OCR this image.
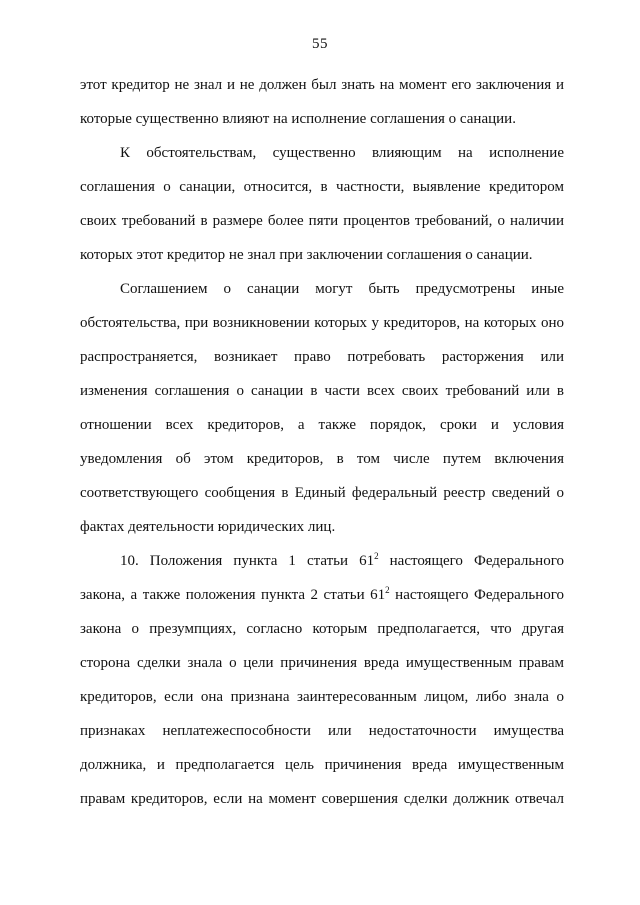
55
этот кредитор не знал и не должен был знать на момент его заключения и
которые существенно влияют на исполнение соглашения о санации.
К обстоятельствам, существенно влияющим на исполнение
соглашения о санации, относится, в частности, выявление кредитором
своих требований в размере более пяти процентов требований, о наличии
которых этот кредитор не знал при заключении соглашения о санации.
Соглашением о санации могут быть предусмотрены иные
обстоятельства, при возникновении которых у кредиторов, на которых оно
распространяется, возникает право потребовать расторжения или
изменения соглашения о санации в части всех своих требований или в
отношении всех кредиторов, а также порядок, сроки и условия
уведомления об этом кредиторов, в том числе путем включения
соответствующего сообщения в Единый федеральный реестр сведений о
фактах деятельности юридических лиц.
10. Положения пункта 1 статьи $61^2$ настоящего Федерального
закона, а также положения пункта 2 статьи $61^2$ настоящего Федерального
закона о презумпциях, согласно которым предполагается, что другая
сторона сделки знала о цели причинения вреда имущественным правам
кредиторов, если она признана заинтересованным лицом, либо знала о
признаках неплатежеспособности или недостаточности имущества
должника, и предполагается цель причинения вреда имущественным
правам кредиторов, если на момент совершения сделки должник отвечал
